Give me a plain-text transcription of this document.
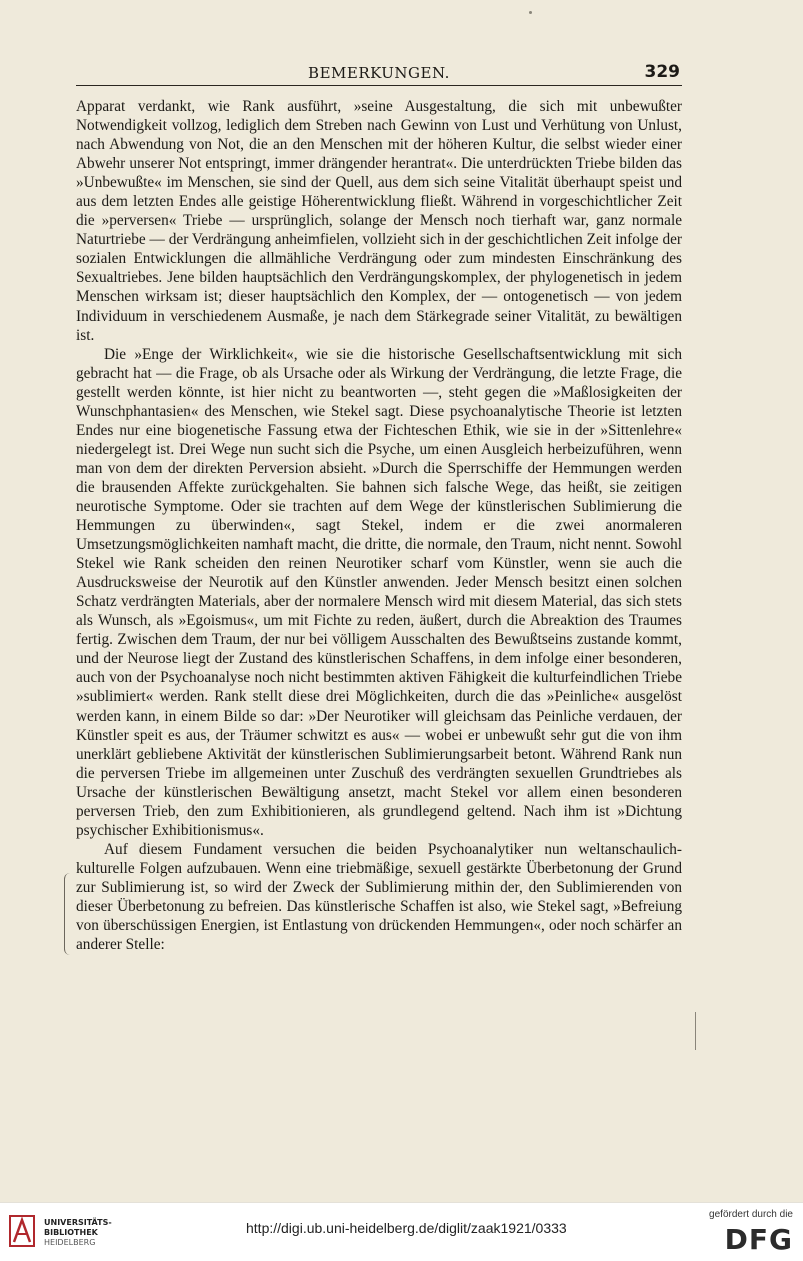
BEMERKUNGEN.	329

Apparat verdankt, wie Rank ausführt, »seine Ausgestaltung, die sich mit unbewußter Notwendigkeit vollzog, lediglich dem Streben nach Gewinn von Lust und Verhütung von Unlust, nach Abwendung von Not, die an den Menschen mit der höheren Kultur, die selbst wieder einer Abwehr unserer Not entspringt, immer drängender herantrat«. Die unterdrückten Triebe bilden das »Unbewußte« im Menschen, sie sind der Quell, aus dem sich seine Vitalität überhaupt speist und aus dem letzten Endes alle geistige Höherentwicklung fließt. Während in vorgeschichtlicher Zeit die »perversen« Triebe — ursprünglich, solange der Mensch noch tierhaft war, ganz normale Naturtriebe — der Verdrängung anheimfielen, vollzieht sich in der geschichtlichen Zeit infolge der sozialen Entwicklungen die allmähliche Verdrängung oder zum mindesten Einschränkung des Sexualtriebes. Jene bilden hauptsächlich den Verdrängungskomplex, der phylogenetisch in jedem Menschen wirksam ist; dieser hauptsächlich den Komplex, der — ontogenetisch — von jedem Individuum in verschiedenem Ausmaße, je nach dem Stärkegrade seiner Vitalität, zu bewältigen ist.

Die »Enge der Wirklichkeit«, wie sie die historische Gesellschaftsentwicklung mit sich gebracht hat — die Frage, ob als Ursache oder als Wirkung der Verdrängung, die letzte Frage, die gestellt werden könnte, ist hier nicht zu beantworten —, steht gegen die »Maßlosigkeiten der Wunschphantasien« des Menschen, wie Stekel sagt. Diese psychoanalytische Theorie ist letzten Endes nur eine biogenetische Fassung etwa der Fichteschen Ethik, wie sie in der »Sittenlehre« niedergelegt ist. Drei Wege nun sucht sich die Psyche, um einen Ausgleich herbeizuführen, wenn man von dem der direkten Perversion absieht. »Durch die Sperrschiffe der Hemmungen werden die brausenden Affekte zurückgehalten. Sie bahnen sich falsche Wege, das heißt, sie zeitigen neurotische Symptome. Oder sie trachten auf dem Wege der künstlerischen Sublimierung die Hemmungen zu überwinden«, sagt Stekel, indem er die zwei anormaleren Umsetzungsmöglichkeiten namhaft macht, die dritte, die normale, den Traum, nicht nennt. Sowohl Stekel wie Rank scheiden den reinen Neurotiker scharf vom Künstler, wenn sie auch die Ausdrucksweise der Neurotik auf den Künstler anwenden. Jeder Mensch besitzt einen solchen Schatz verdrängten Materials, aber der normalere Mensch wird mit diesem Material, das sich stets als Wunsch, als »Egoismus«, um mit Fichte zu reden, äußert, durch die Abreaktion des Traumes fertig. Zwischen dem Traum, der nur bei völligem Ausschalten des Bewußtseins zustande kommt, und der Neurose liegt der Zustand des künstlerischen Schaffens, in dem infolge einer besonderen, auch von der Psychoanalyse noch nicht bestimmten aktiven Fähigkeit die kulturfeindlichen Triebe »sublimiert« werden. Rank stellt diese drei Möglichkeiten, durch die das »Peinliche« ausgelöst werden kann, in einem Bilde so dar: »Der Neurotiker will gleichsam das Peinliche verdauen, der Künstler speit es aus, der Träumer schwitzt es aus« — wobei er unbewußt sehr gut die von ihm unerklärt gebliebene Aktivität der künstlerischen Sublimierungsarbeit betont. Während Rank nun die perversen Triebe im allgemeinen unter Zuschuß des verdrängten sexuellen Grundtriebes als Ursache der künstlerischen Bewältigung ansetzt, macht Stekel vor allem einen besonderen perversen Trieb, den zum Exhibitionieren, als grundlegend geltend. Nach ihm ist »Dichtung psychischer Exhibitionismus«.

Auf diesem Fundament versuchen die beiden Psychoanalytiker nun weltanschaulich-kulturelle Folgen aufzubauen. Wenn eine triebmäßige, sexuell gestärkte Überbetonung der Grund zur Sublimierung ist, so wird der Zweck der Sublimierung mithin der, den Sublimierenden von dieser Überbetonung zu befreien. Das künstlerische Schaffen ist also, wie Stekel sagt, »Befreiung von überschüssigen Energien, ist Entlastung von drückenden Hemmungen«, oder noch schärfer an anderer Stelle:

UNIVERSITÄTS-
BIBLIOTHEK
HEIDELBERG
http://digi.ub.uni-heidelberg.de/diglit/zaak1921/0333
gefördert durch die
DFG
